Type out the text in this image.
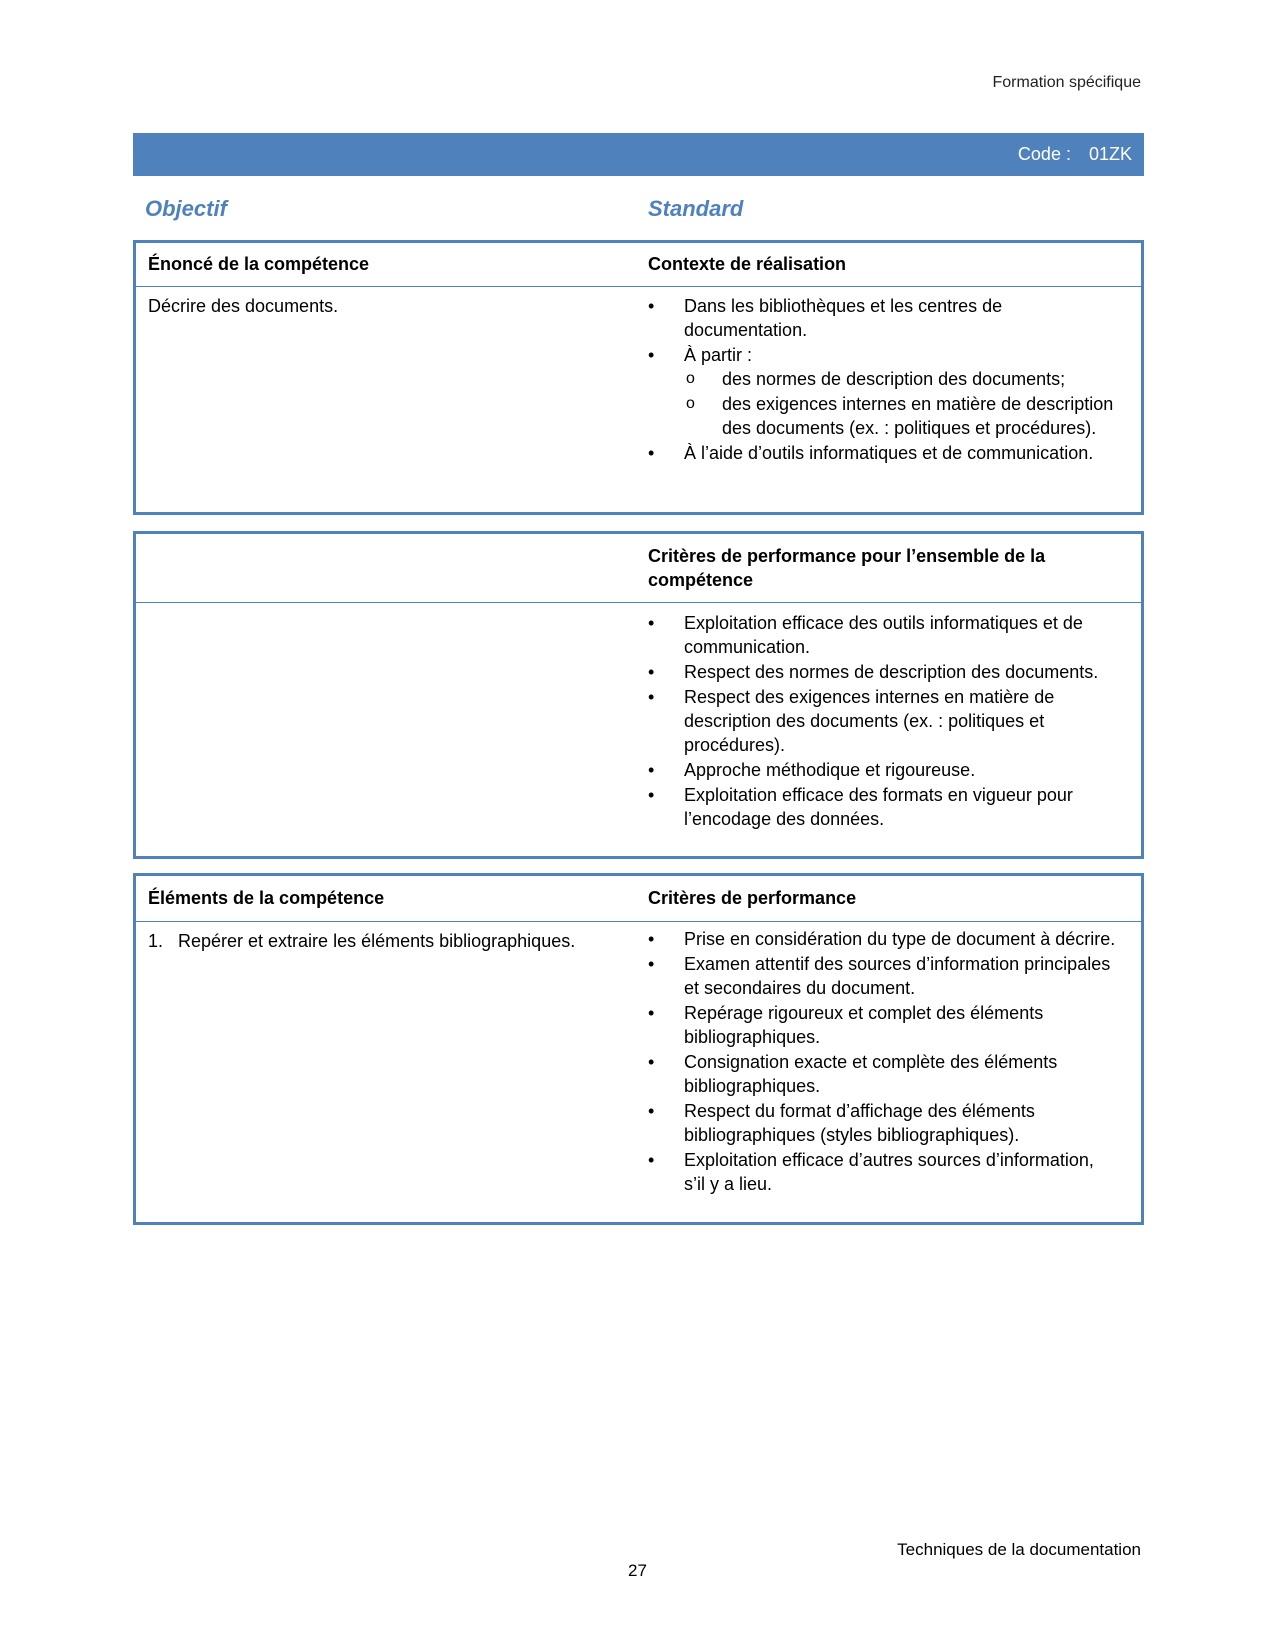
Formation spécifique
Code : 01ZK
Objectif	Standard
Énoncé de la compétence	Contexte de réalisation
Décrire des documents.	• Dans les bibliothèques et les centres de documentation.
• À partir :
o des normes de description des documents;
o des exigences internes en matière de description des documents (ex. : politiques et procédures).
• À l’aide d’outils informatiques et de communication.
Critères de performance pour l’ensemble de la compétence
• Exploitation efficace des outils informatiques et de communication.
• Respect des normes de description des documents.
• Respect des exigences internes en matière de description des documents (ex. : politiques et procédures).
• Approche méthodique et rigoureuse.
• Exploitation efficace des formats en vigueur pour l’encodage des données.
Éléments de la compétence	Critères de performance
1. Repérer et extraire les éléments bibliographiques.	• Prise en considération du type de document à décrire.
• Examen attentif des sources d’information principales et secondaires du document.
• Repérage rigoureux et complet des éléments bibliographiques.
• Consignation exacte et complète des éléments bibliographiques.
• Respect du format d’affichage des éléments bibliographiques (styles bibliographiques).
• Exploitation efficace d’autres sources d’information, s’il y a lieu.
Techniques de la documentation
27
